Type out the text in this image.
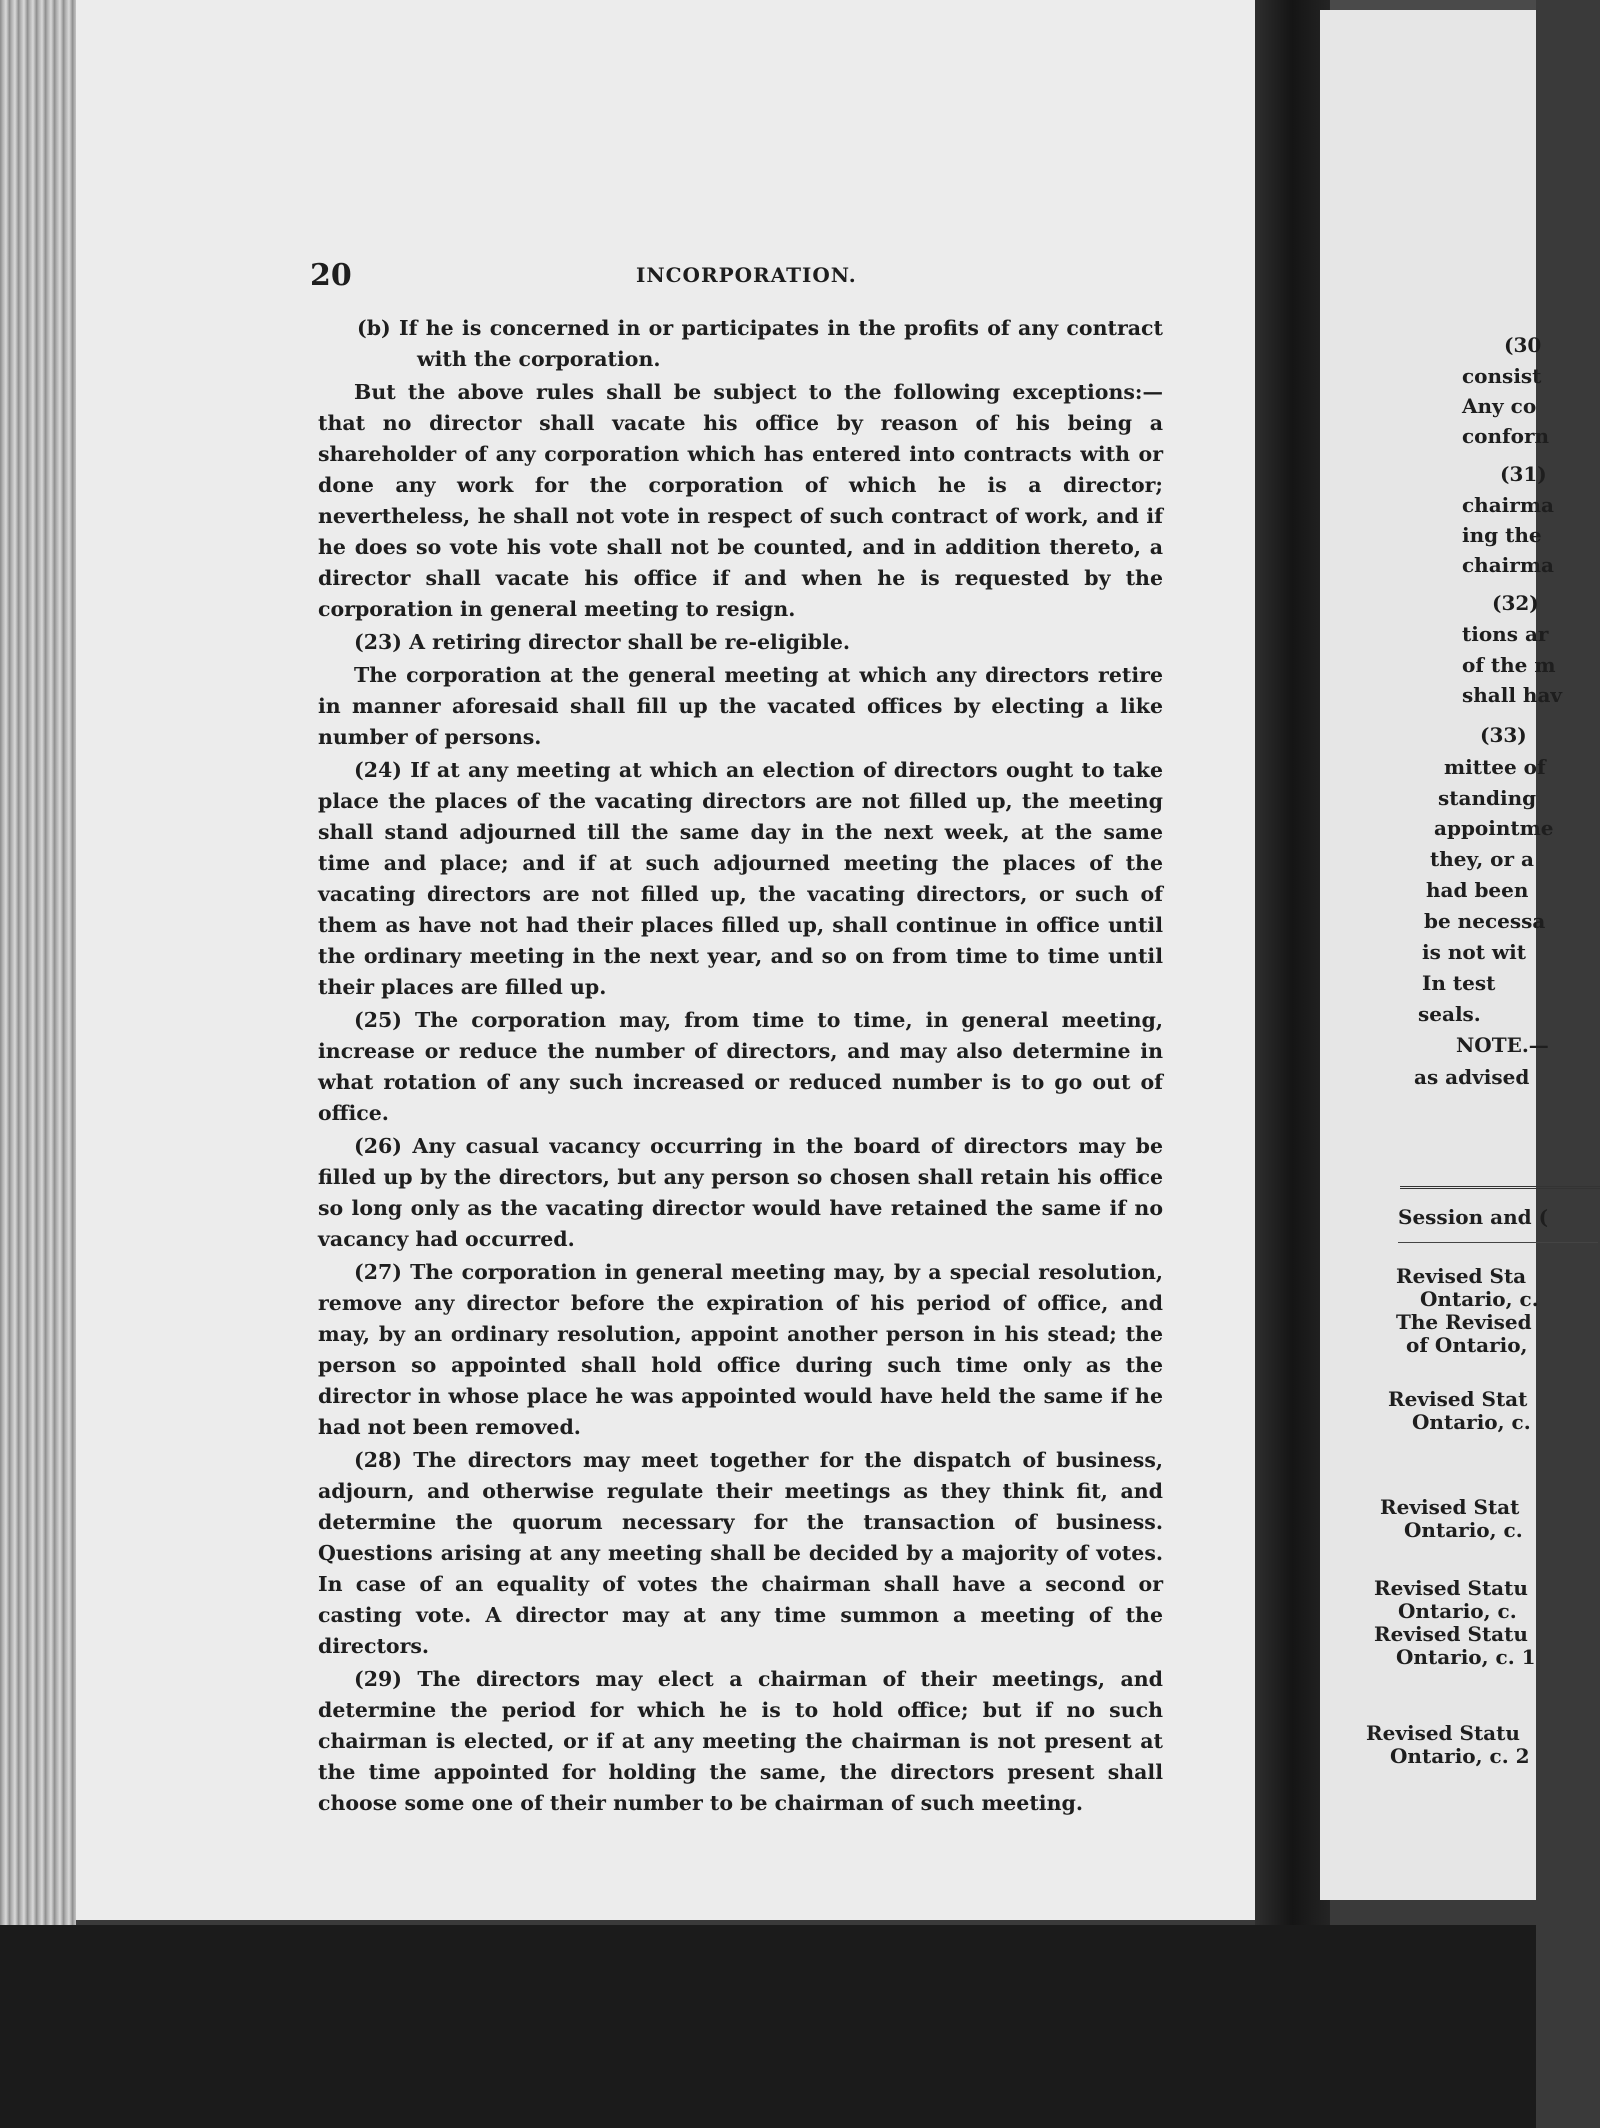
20	INCORPORATION.

(b) If he is concerned in or participates in the profits of any contract with the corporation.

But the above rules shall be subject to the following exceptions:— that no director shall vacate his office by reason of his being a shareholder of any corporation which has entered into contracts with or done any work for the corporation of which he is a director; nevertheless, he shall not vote in respect of such contract of work, and if he does so vote his vote shall not be counted, and in addition thereto, a director shall vacate his office if and when he is requested by the corporation in general meeting to resign.

(23) A retiring director shall be re-eligible.

The corporation at the general meeting at which any directors retire in manner aforesaid shall fill up the vacated offices by electing a like number of persons.

(24) If at any meeting at which an election of directors ought to take place the places of the vacating directors are not filled up, the meeting shall stand adjourned till the same day in the next week, at the same time and place; and if at such adjourned meeting the places of the vacating directors are not filled up, the vacating directors, or such of them as have not had their places filled up, shall continue in office until the ordinary meeting in the next year, and so on from time to time until their places are filled up.

(25) The corporation may, from time to time, in general meeting, increase or reduce the number of directors, and may also determine in what rotation of any such increased or reduced number is to go out of office.

(26) Any casual vacancy occurring in the board of directors may be filled up by the directors, but any person so chosen shall retain his office so long only as the vacating director would have retained the same if no vacancy had occurred.

(27) The corporation in general meeting may, by a special resolution, remove any director before the expiration of his period of office, and may, by an ordinary resolution, appoint another person in his stead; the person so appointed shall hold office during such time only as the director in whose place he was appointed would have held the same if he had not been removed.

(28) The directors may meet together for the dispatch of business, adjourn, and otherwise regulate their meetings as they think fit, and determine the quorum necessary for the transaction of business. Questions arising at any meeting shall be decided by a majority of votes. In case of an equality of votes the chairman shall have a second or casting vote. A director may at any time summon a meeting of the directors.

(29) The directors may elect a chairman of their meetings, and determine the period for which he is to hold office; but if no such chairman is elected, or if at any meeting the chairman is not present at the time appointed for holding the same, the directors present shall choose some one of their number to be chairman of such meeting.

(30
consist
Any co
conforn
(31)
chairma
ing the
chairma
(32)
tions ar
of the m
shall hav
(33)
mittee of
standing
appointme
they, or a
had been
be necessa
is not wit
In test
seals.
NOTE.—
as advised
Session and (
Revised Sta
Ontario, c.
The Revised
of Ontario,
Revised Stat
Ontario, c.
Revised Stat
Ontario, c.
Revised Statu
Ontario, c.
Revised Statu
Ontario, c. 1
Revised Statu
Ontario, c. 2
